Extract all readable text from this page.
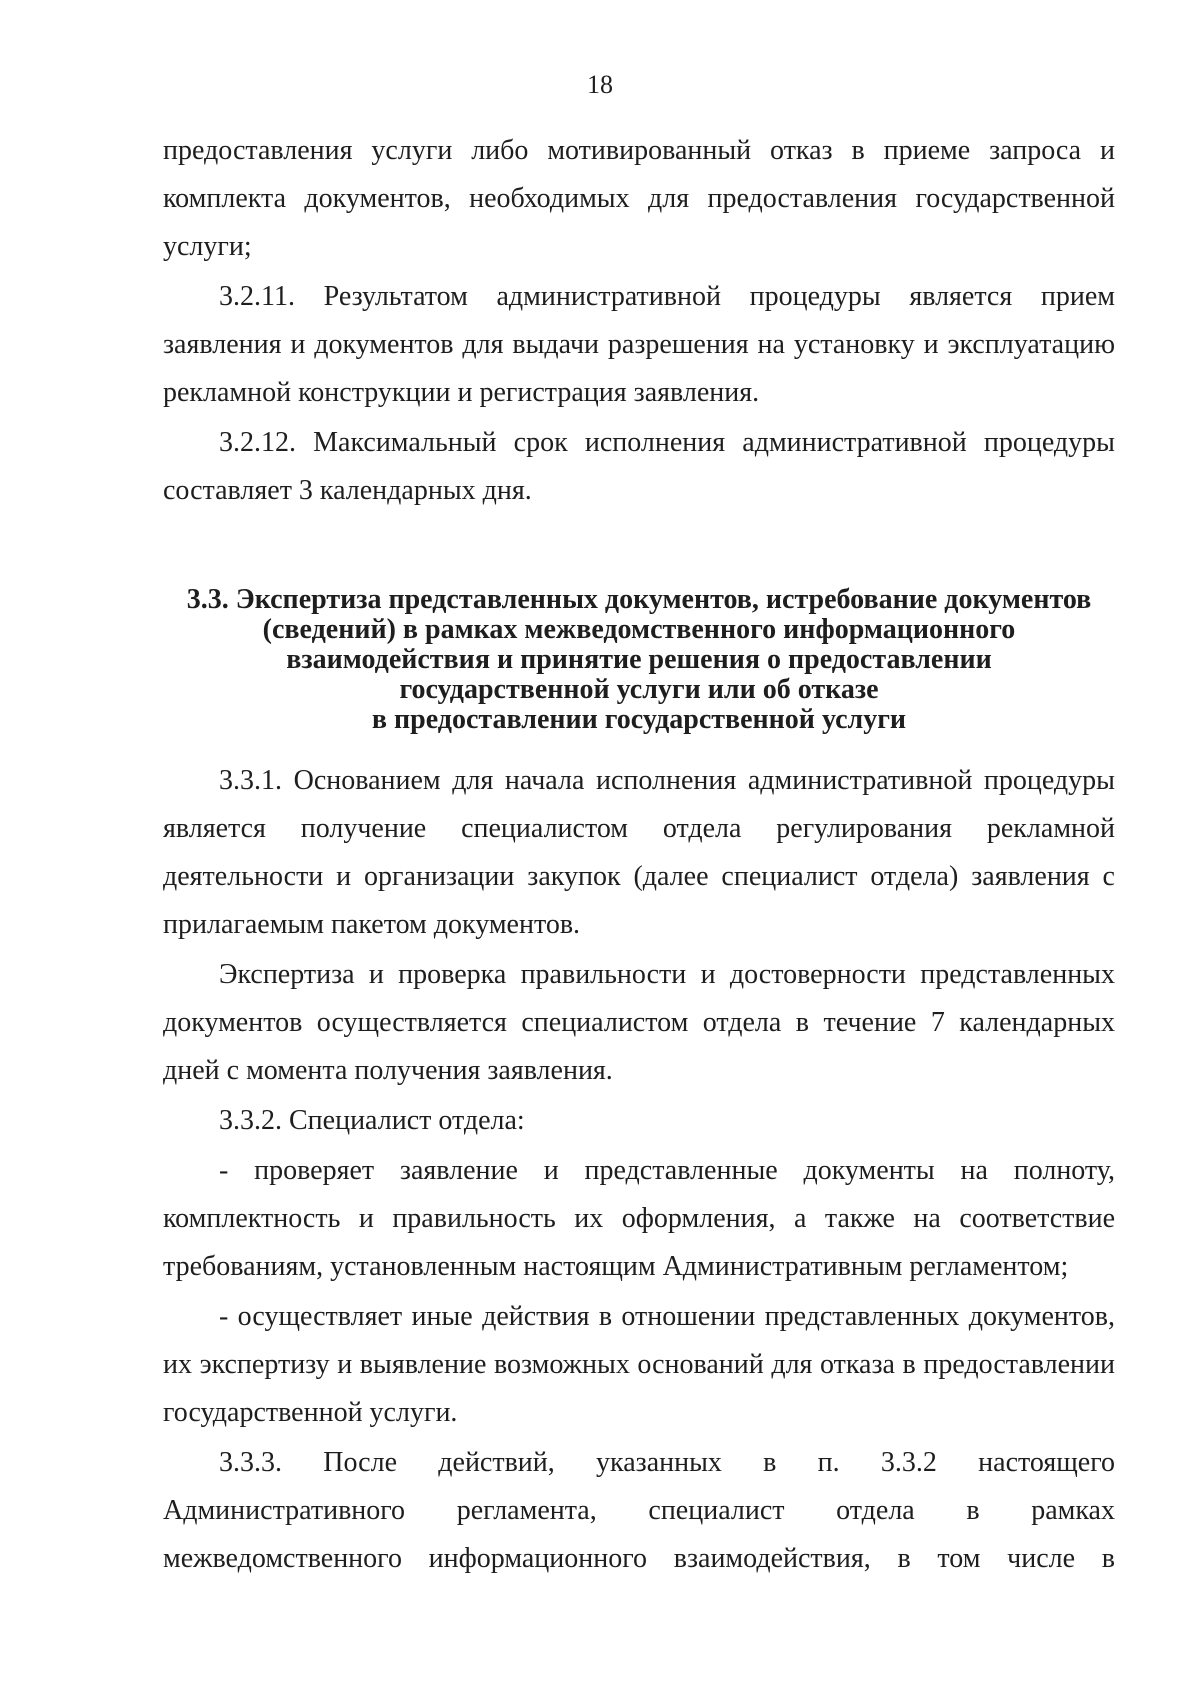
18

предоставления услуги либо мотивированный отказ в приеме запроса и комплекта документов, необходимых для предоставления государственной услуги;

3.2.11. Результатом административной процедуры является прием заявления и документов для выдачи разрешения на установку и эксплуатацию рекламной конструкции и регистрация заявления.

3.2.12. Максимальный срок исполнения административной процедуры составляет 3 календарных дня.

3.3. Экспертиза представленных документов, истребование документов
(сведений) в рамках межведомственного информационного
взаимодействия и принятие решения о предоставлении
государственной услуги или об отказе
в предоставлении государственной услуги

3.3.1. Основанием для начала исполнения административной процедуры является получение специалистом отдела регулирования рекламной деятельности и организации закупок (далее специалист отдела) заявления с прилагаемым пакетом документов.

Экспертиза и проверка правильности и достоверности представленных документов осуществляется специалистом отдела в течение 7 календарных дней с момента получения заявления.

3.3.2. Специалист отдела:

- проверяет заявление и представленные документы на полноту, комплектность и правильность их оформления, а также на соответствие требованиям, установленным настоящим Административным регламентом;

- осуществляет иные действия в отношении представленных документов, их экспертизу и выявление возможных оснований для отказа в предоставлении государственной услуги.

3.3.3. После действий, указанных в п. 3.3.2 настоящего Административного регламента, специалист отдела в рамках межведомственного информационного взаимодействия, в том числе в
